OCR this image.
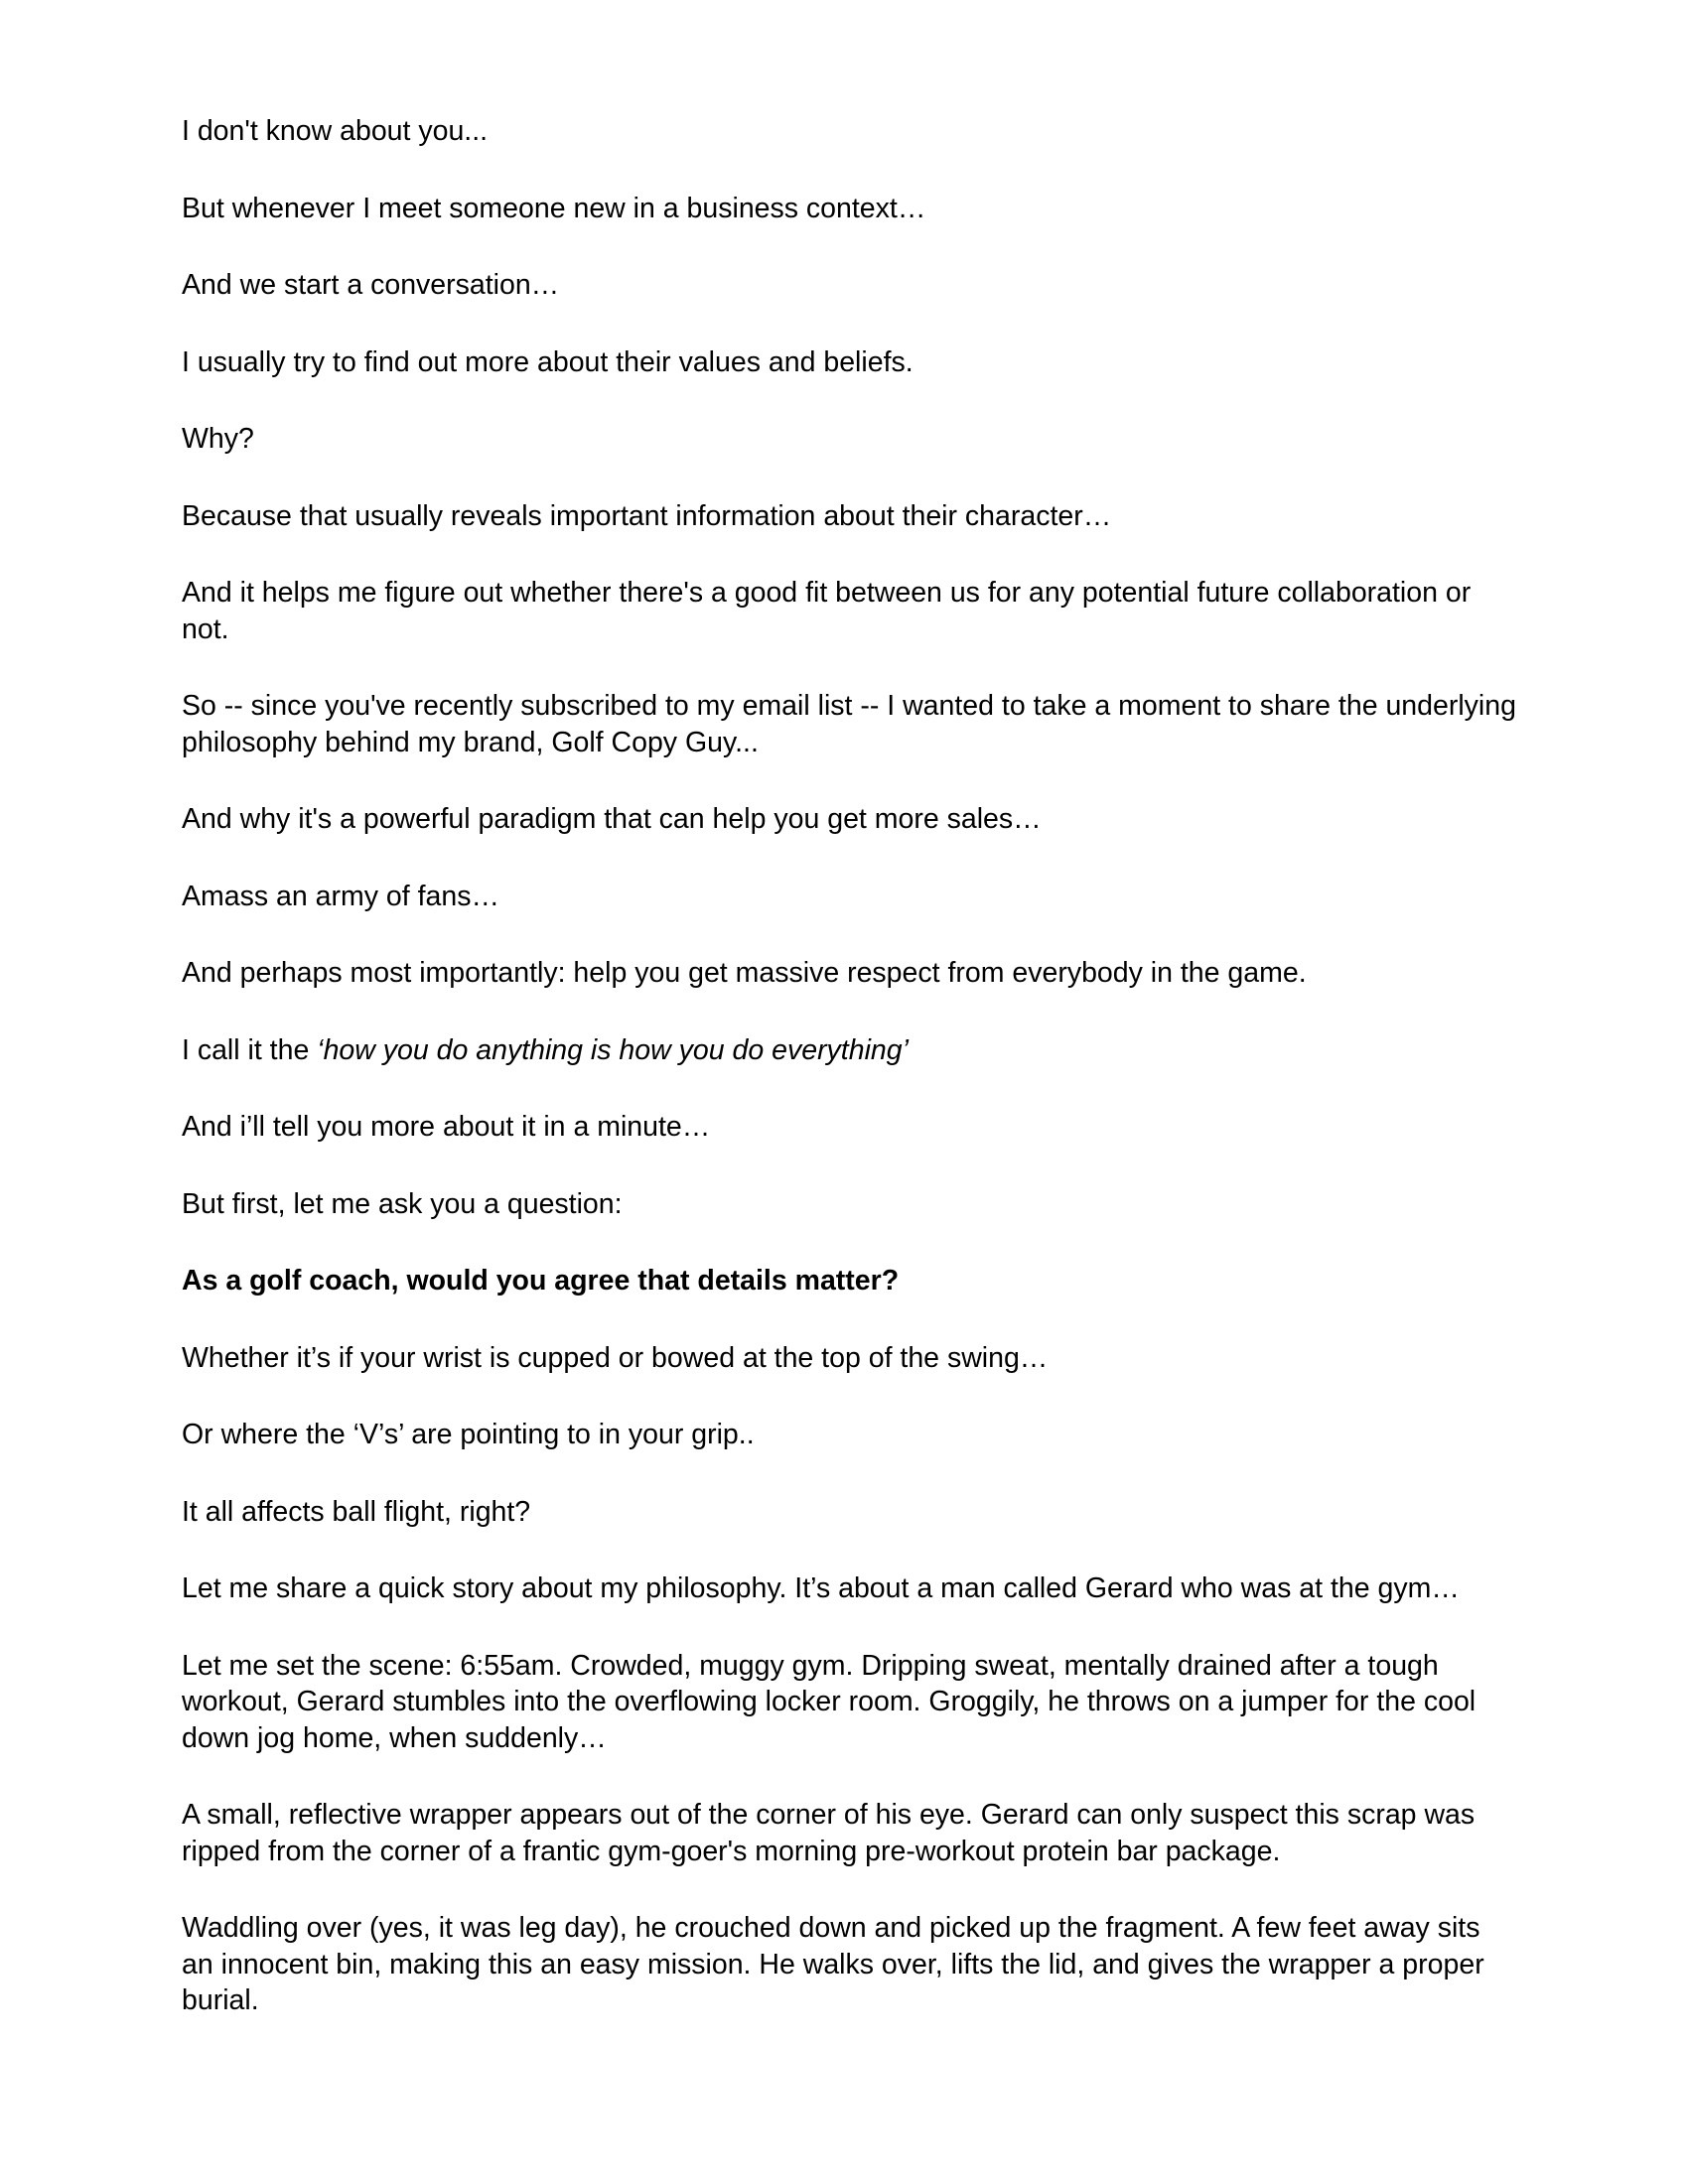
I don't know about you...

But whenever I meet someone new in a business context…

And we start a conversation…

I usually try to find out more about their values and beliefs.

Why?

Because that usually reveals important information about their character…

And it helps me figure out whether there's a good fit between us for any potential future collaboration or not.

So -- since you've recently subscribed to my email list -- I wanted to take a moment to share the underlying philosophy behind my brand, Golf Copy Guy...

And why it's a powerful paradigm that can help you get more sales…

Amass an army of fans…

And perhaps most importantly: help you get massive respect from everybody in the game.

I call it the ‘how you do anything is how you do everything’

And i’ll tell you more about it in a minute…

But first, let me ask you a question:

As a golf coach, would you agree that details matter?

Whether it’s if your wrist is cupped or bowed at the top of the swing…

Or where the ‘V’s’ are pointing to in your grip..

It all affects ball flight, right?

Let me share a quick story about my philosophy. It’s about a man called Gerard who was at the gym…

Let me set the scene: 6:55am. Crowded, muggy gym. Dripping sweat, mentally drained after a tough workout, Gerard stumbles into the overflowing locker room. Groggily, he throws on a jumper for the cool down jog home, when suddenly…

A small, reflective wrapper appears out of the corner of his eye. Gerard can only suspect this scrap was ripped from the corner of a frantic gym-goer's morning pre-workout protein bar package.

Waddling over (yes, it was leg day), he crouched down and picked up the fragment. A few feet away sits an innocent bin, making this an easy mission. He walks over, lifts the lid, and gives the wrapper a proper burial.
